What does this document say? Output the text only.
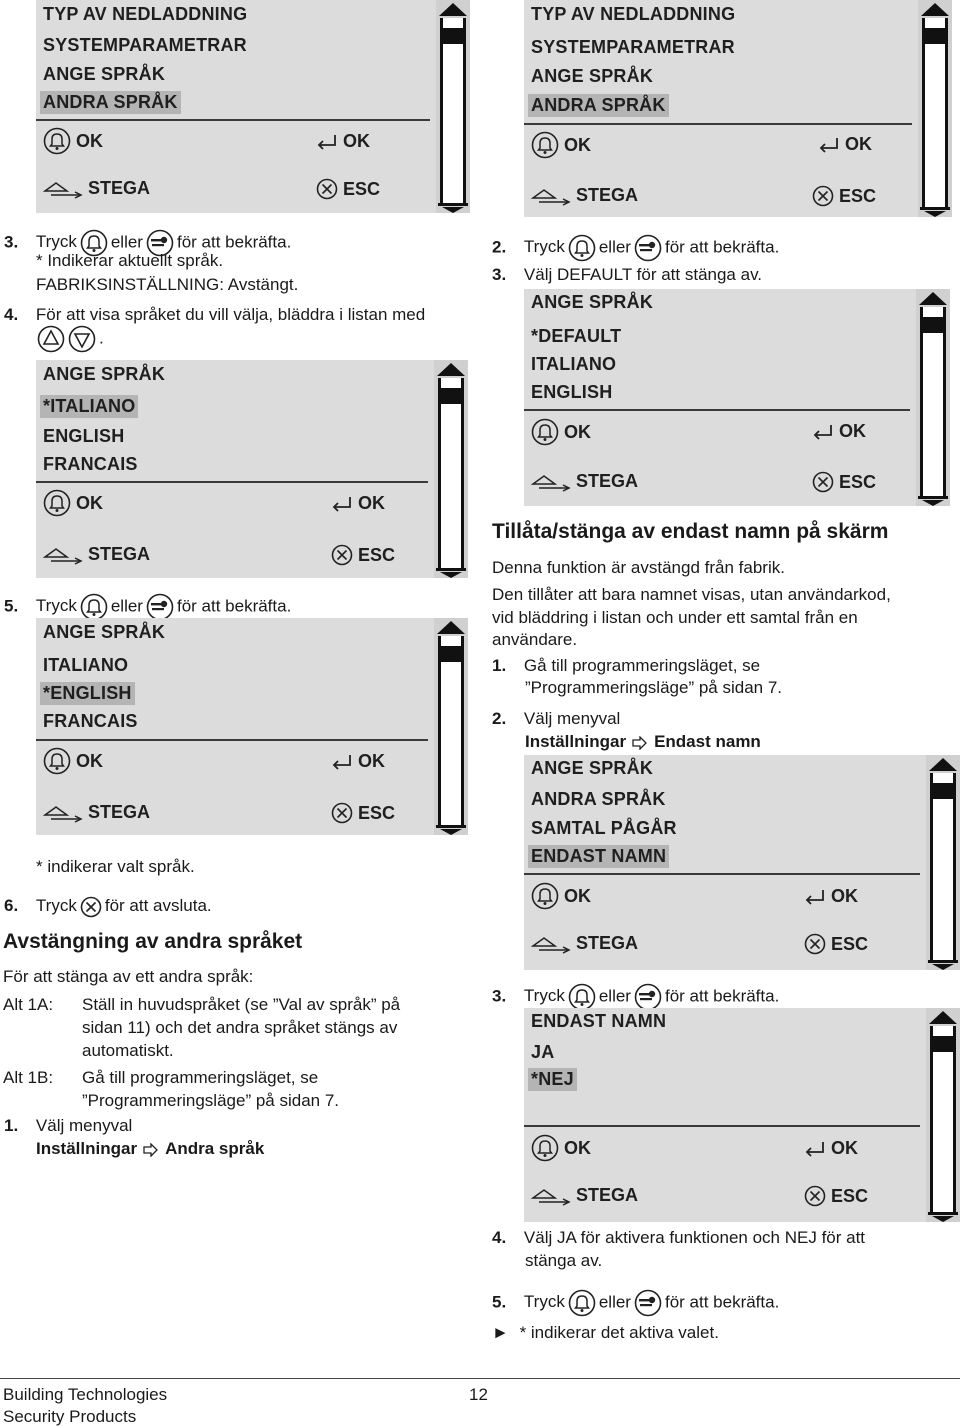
TYP AV NEDLADDNING
SYSTEMPARAMETRAR
ANGE SPRÅK
ANDRA SPRÅK
OK	OK
STEGA	ESC
TYP AV NEDLADDNING
SYSTEMPARAMETRAR
ANGE SPRÅK
ANDRA SPRÅK
OK	OK
STEGA	ESC
3. Tryck eller för att bekräfta.
* Indikerar aktuellt språk.
FABRIKSINSTÄLLNING: Avstängt.
4. För att visa språket du vill välja, bläddra i listan med
.
ANGE SPRÅK
*ITALIANO
ENGLISH
FRANCAIS
OK	OK
STEGA	ESC
5. Tryck eller för att bekräfta.
ANGE SPRÅK
ITALIANO
*ENGLISH
FRANCAIS
OK	OK
STEGA	ESC
* indikerar valt språk.
6. Tryck för att avsluta.
Avstängning av andra språket
För att stänga av ett andra språk:
Alt 1A: Ställ in huvudspråket (se ”Val av språk” på
sidan 11) och det andra språket stängs av
automatiskt.
Alt 1B: Gå till programmeringsläget, se
”Programmeringsläge” på sidan 7.
1. Välj menyval
Inställningar Andra språk
2. Tryck eller för att bekräfta.
3. Välj DEFAULT för att stänga av.
ANGE SPRÅK
*DEFAULT
ITALIANO
ENGLISH
OK	OK
STEGA	ESC
Tillåta/stänga av endast namn på skärm
Denna funktion är avstängd från fabrik.
Den tillåter att bara namnet visas, utan användarkod,
vid bläddring i listan och under ett samtal från en
användare.
1. Gå till programmeringsläget, se
”Programmeringsläge” på sidan 7.
2. Välj menyval
Inställningar Endast namn
ANGE SPRÅK
ANDRA SPRÅK
SAMTAL PÅGÅR
ENDAST NAMN
OK	OK
STEGA	ESC
3. Tryck eller för att bekräfta.
ENDAST NAMN
JA
*NEJ
OK	OK
STEGA	ESC
4. Välj JA för aktivera funktionen och NEJ för att
stänga av.
5. Tryck eller för att bekräfta.
► * indikerar det aktiva valet.
Building Technologies
Security Products
12
